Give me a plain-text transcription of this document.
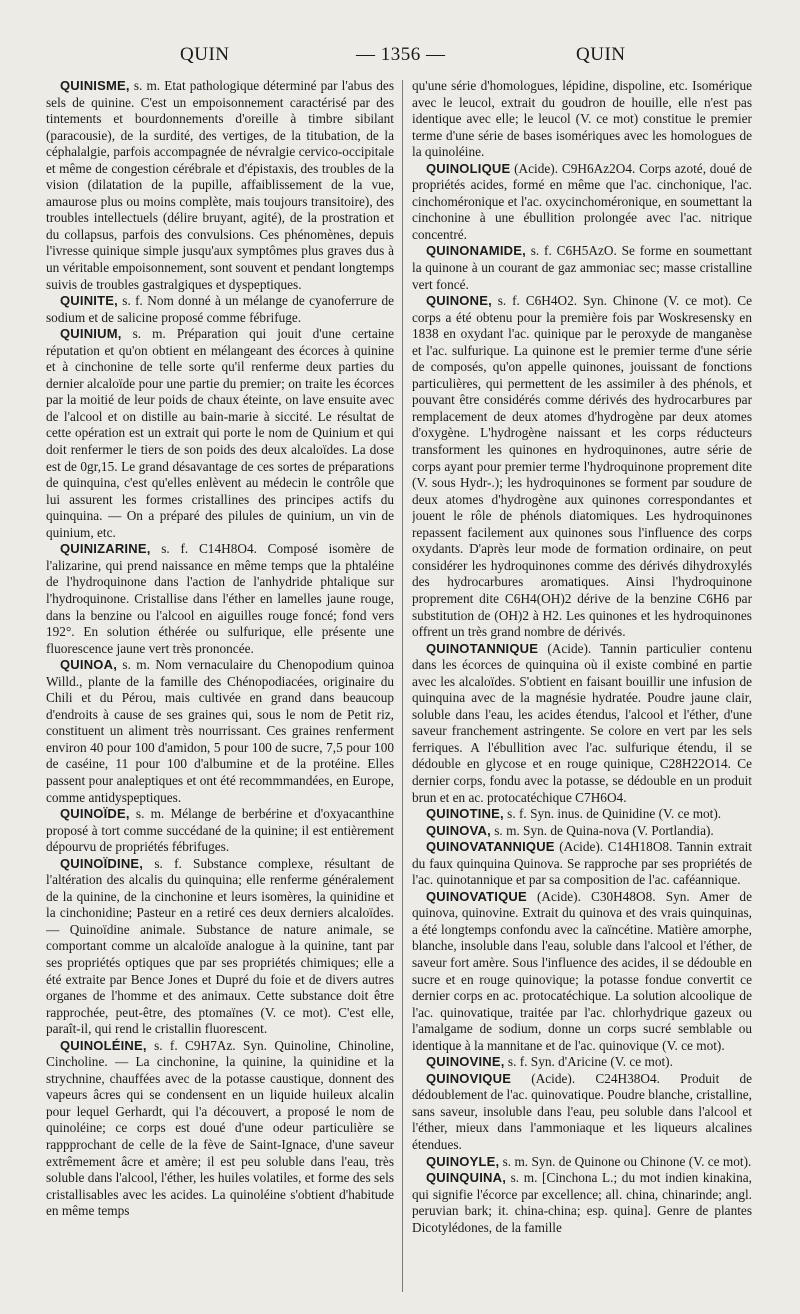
QUIN	— 1356 —	QUIN

QUINISME, s. m. Etat pathologique déterminé par l'abus des sels de quinine. C'est un empoisonnement caractérisé par des tintements et bourdonnements d'oreille à timbre sibilant (paracousie), de la surdité, des vertiges, de la titubation, de la céphalalgie, parfois accompagnée de névralgie cervico-occipitale et même de congestion cérébrale et d'épistaxis, des troubles de la vision (dilatation de la pupille, affaiblissement de la vue, amaurose plus ou moins complète, mais toujours transitoire), des troubles intellectuels (délire bruyant, agité), de la prostration et du collapsus, parfois des convulsions. Ces phénomènes, depuis l'ivresse quinique simple jusqu'aux symptômes plus graves dus à un véritable empoisonnement, sont souvent et pendant longtemps suivis de troubles gastralgiques et dyspeptiques.

QUINITE, s. f. Nom donné à un mélange de cyanoferrure de sodium et de salicine proposé comme fébrifuge.

QUINIUM, s. m. Préparation qui jouit d'une certaine réputation et qu'on obtient en mélangeant des écorces à quinine et à cinchonine de telle sorte qu'il renferme deux parties du dernier alcaloïde pour une partie du premier; on traite les écorces par la moitié de leur poids de chaux éteinte, on lave ensuite avec de l'alcool et on distille au bain-marie à siccité. Le résultat de cette opération est un extrait qui porte le nom de Quinium et qui doit renfermer le tiers de son poids des deux alcaloïdes. La dose est de 0gr,15. Le grand désavantage de ces sortes de préparations de quinquina, c'est qu'elles enlèvent au médecin le contrôle que lui assurent les formes cristallines des principes actifs du quinquina. — On a préparé des pilules de quinium, un vin de quinium, etc.

QUINIZARINE, s. f. C14H8O4. Composé isomère de l'alizarine, qui prend naissance en même temps que la phtaléine de l'hydroquinone dans l'action de l'anhydride phtalique sur l'hydroquinone. Cristallise dans l'éther en lamelles jaune rouge, dans la benzine ou l'alcool en aiguilles rouge foncé; fond vers 192°. En solution éthérée ou sulfurique, elle présente une fluorescence jaune vert très prononcée.

QUINOA, s. m. Nom vernaculaire du Chenopodium quinoa Willd., plante de la famille des Chénopodiacées, originaire du Chili et du Pérou, mais cultivée en grand dans beaucoup d'endroits à cause de ses graines qui, sous le nom de Petit riz, constituent un aliment très nourrissant. Ces graines renferment environ 40 pour 100 d'amidon, 5 pour 100 de sucre, 7,5 pour 100 de caséine, 11 pour 100 d'albumine et de la protéine. Elles passent pour analeptiques et ont été recommmandées, en Europe, comme antidyspeptiques.

QUINOÏDE, s. m. Mélange de berbérine et d'oxyacanthine proposé à tort comme succédané de la quinine; il est entièrement dépourvu de propriétés fébrifuges.

QUINOÏDINE, s. f. Substance complexe, résultant de l'altération des alcalis du quinquina; elle renferme généralement de la quinine, de la cinchonine et leurs isomères, la quinidine et la cinchonidine; Pasteur en a retiré ces deux derniers alcaloïdes. — Quinoïdine animale. Substance de nature animale, se comportant comme un alcaloïde analogue à la quinine, tant par ses propriétés optiques que par ses propriétés chimiques; elle a été extraite par Bence Jones et Dupré du foie et de divers autres organes de l'homme et des animaux. Cette substance doit être rapprochée, peut-être, des ptomaïnes (V. ce mot). C'est elle, paraît-il, qui rend le cristallin fluorescent.

QUINOLÉINE, s. f. C9H7Az. Syn. Quinoline, Chinoline, Cincholine. — La cinchonine, la quinine, la quinidine et la strychnine, chauffées avec de la potasse caustique, donnent des vapeurs âcres qui se condensent en un liquide huileux alcalin pour lequel Gerhardt, qui l'a découvert, a proposé le nom de quinoléine; ce corps est doué d'une odeur particulière se rappprochant de celle de la fève de Saint-Ignace, d'une saveur extrêmement âcre et amère; il est peu soluble dans l'eau, très soluble dans l'alcool, l'éther, les huiles volatiles, et forme des sels cristallisables avec les acides. La quinoléine s'obtient d'habitude en même temps

qu'une série d'homologues, lépidine, dispoline, etc. Isomérique avec le leucol, extrait du goudron de houille, elle n'est pas identique avec elle; le leucol (V. ce mot) constitue le premier terme d'une série de bases isomériques avec les homologues de la quinoléine.

QUINOLIQUE (Acide). C9H6Az2O4. Corps azoté, doué de propriétés acides, formé en même que l'ac. cinchonique, l'ac. cinchoméronique et l'ac. oxycinchoméronique, en soumettant la cinchonine à une ébullition prolongée avec l'ac. nitrique concentré.

QUINONAMIDE, s. f. C6H5AzO. Se forme en soumettant la quinone à un courant de gaz ammoniac sec; masse cristalline vert foncé.

QUINONE, s. f. C6H4O2. Syn. Chinone (V. ce mot). Ce corps a été obtenu pour la première fois par Woskresensky en 1838 en oxydant l'ac. quinique par le peroxyde de manganèse et l'ac. sulfurique. La quinone est le premier terme d'une série de composés, qu'on appelle quinones, jouissant de fonctions particulières, qui permettent de les assimiler à des phénols, et pouvant être considérés comme dérivés des hydrocarbures par remplacement de deux atomes d'hydrogène par deux atomes d'oxygène. L'hydrogène naissant et les corps réducteurs transforment les quinones en hydroquinones, autre série de corps ayant pour premier terme l'hydroquinone proprement dite (V. sous Hydr-.); les hydroquinones se forment par soudure de deux atomes d'hydrogène aux quinones correspondantes et jouent le rôle de phénols diatomiques. Les hydroquinones repassent facilement aux quinones sous l'influence des corps oxydants. D'après leur mode de formation ordinaire, on peut considérer les hydroquinones comme des dérivés dihydroxylés des hydrocarbures aromatiques. Ainsi l'hydroquinone proprement dite C6H4(OH)2 dérive de la benzine C6H6 par substitution de (OH)2 à H2. Les quinones et les hydroquinones offrent un très grand nombre de dérivés.

QUINOTANNIQUE (Acide). Tannin particulier contenu dans les écorces de quinquina où il existe combiné en partie avec les alcaloïdes. S'obtient en faisant bouillir une infusion de quinquina avec de la magnésie hydratée. Poudre jaune clair, soluble dans l'eau, les acides étendus, l'alcool et l'éther, d'une saveur franchement astringente. Se colore en vert par les sels ferriques. A l'ébullition avec l'ac. sulfurique étendu, il se dédouble en glycose et en rouge quinique, C28H22O14. Ce dernier corps, fondu avec la potasse, se dédouble en un produit brun et en ac. protocatéchique C7H6O4.

QUINOTINE, s. f. Syn. inus. de Quinidine (V. ce mot).

QUINOVA, s. m. Syn. de Quina-nova (V. Portlandia).

QUINOVATANNIQUE (Acide). C14H18O8. Tannin extrait du faux quinquina Quinova. Se rapproche par ses propriétés de l'ac. quinotannique et par sa composition de l'ac. caféannique.

QUINOVATIQUE (Acide). C30H48O8. Syn. Amer de quinova, quinovine. Extrait du quinova et des vrais quinquinas, a été longtemps confondu avec la caïncétine. Matière amorphe, blanche, insoluble dans l'eau, soluble dans l'alcool et l'éther, de saveur fort amère. Sous l'influence des acides, il se dédouble en sucre et en rouge quinovique; la potasse fondue convertit ce dernier corps en ac. protocatéchique. La solution alcoolique de l'ac. quinovatique, traitée par l'ac. chlorhydrique gazeux ou l'amalgame de sodium, donne un corps sucré semblable ou identique à la mannitane et de l'ac. quinovique (V. ce mot).

QUINOVINE, s. f. Syn. d'Aricine (V. ce mot).

QUINOVIQUE (Acide). C24H38O4. Produit de dédoublement de l'ac. quinovatique. Poudre blanche, cristalline, sans saveur, insoluble dans l'eau, peu soluble dans l'alcool et l'éther, mieux dans l'ammoniaque et les liqueurs alcalines étendues.

QUINOYLE, s. m. Syn. de Quinone ou Chinone (V. ce mot).

QUINQUINA, s. m. [Cinchona L.; du mot indien kinakina, qui signifie l'écorce par excellence; all. china, chinarinde; angl. peruvian bark; it. china-china; esp. quina]. Genre de plantes Dicotylédones, de la famille
